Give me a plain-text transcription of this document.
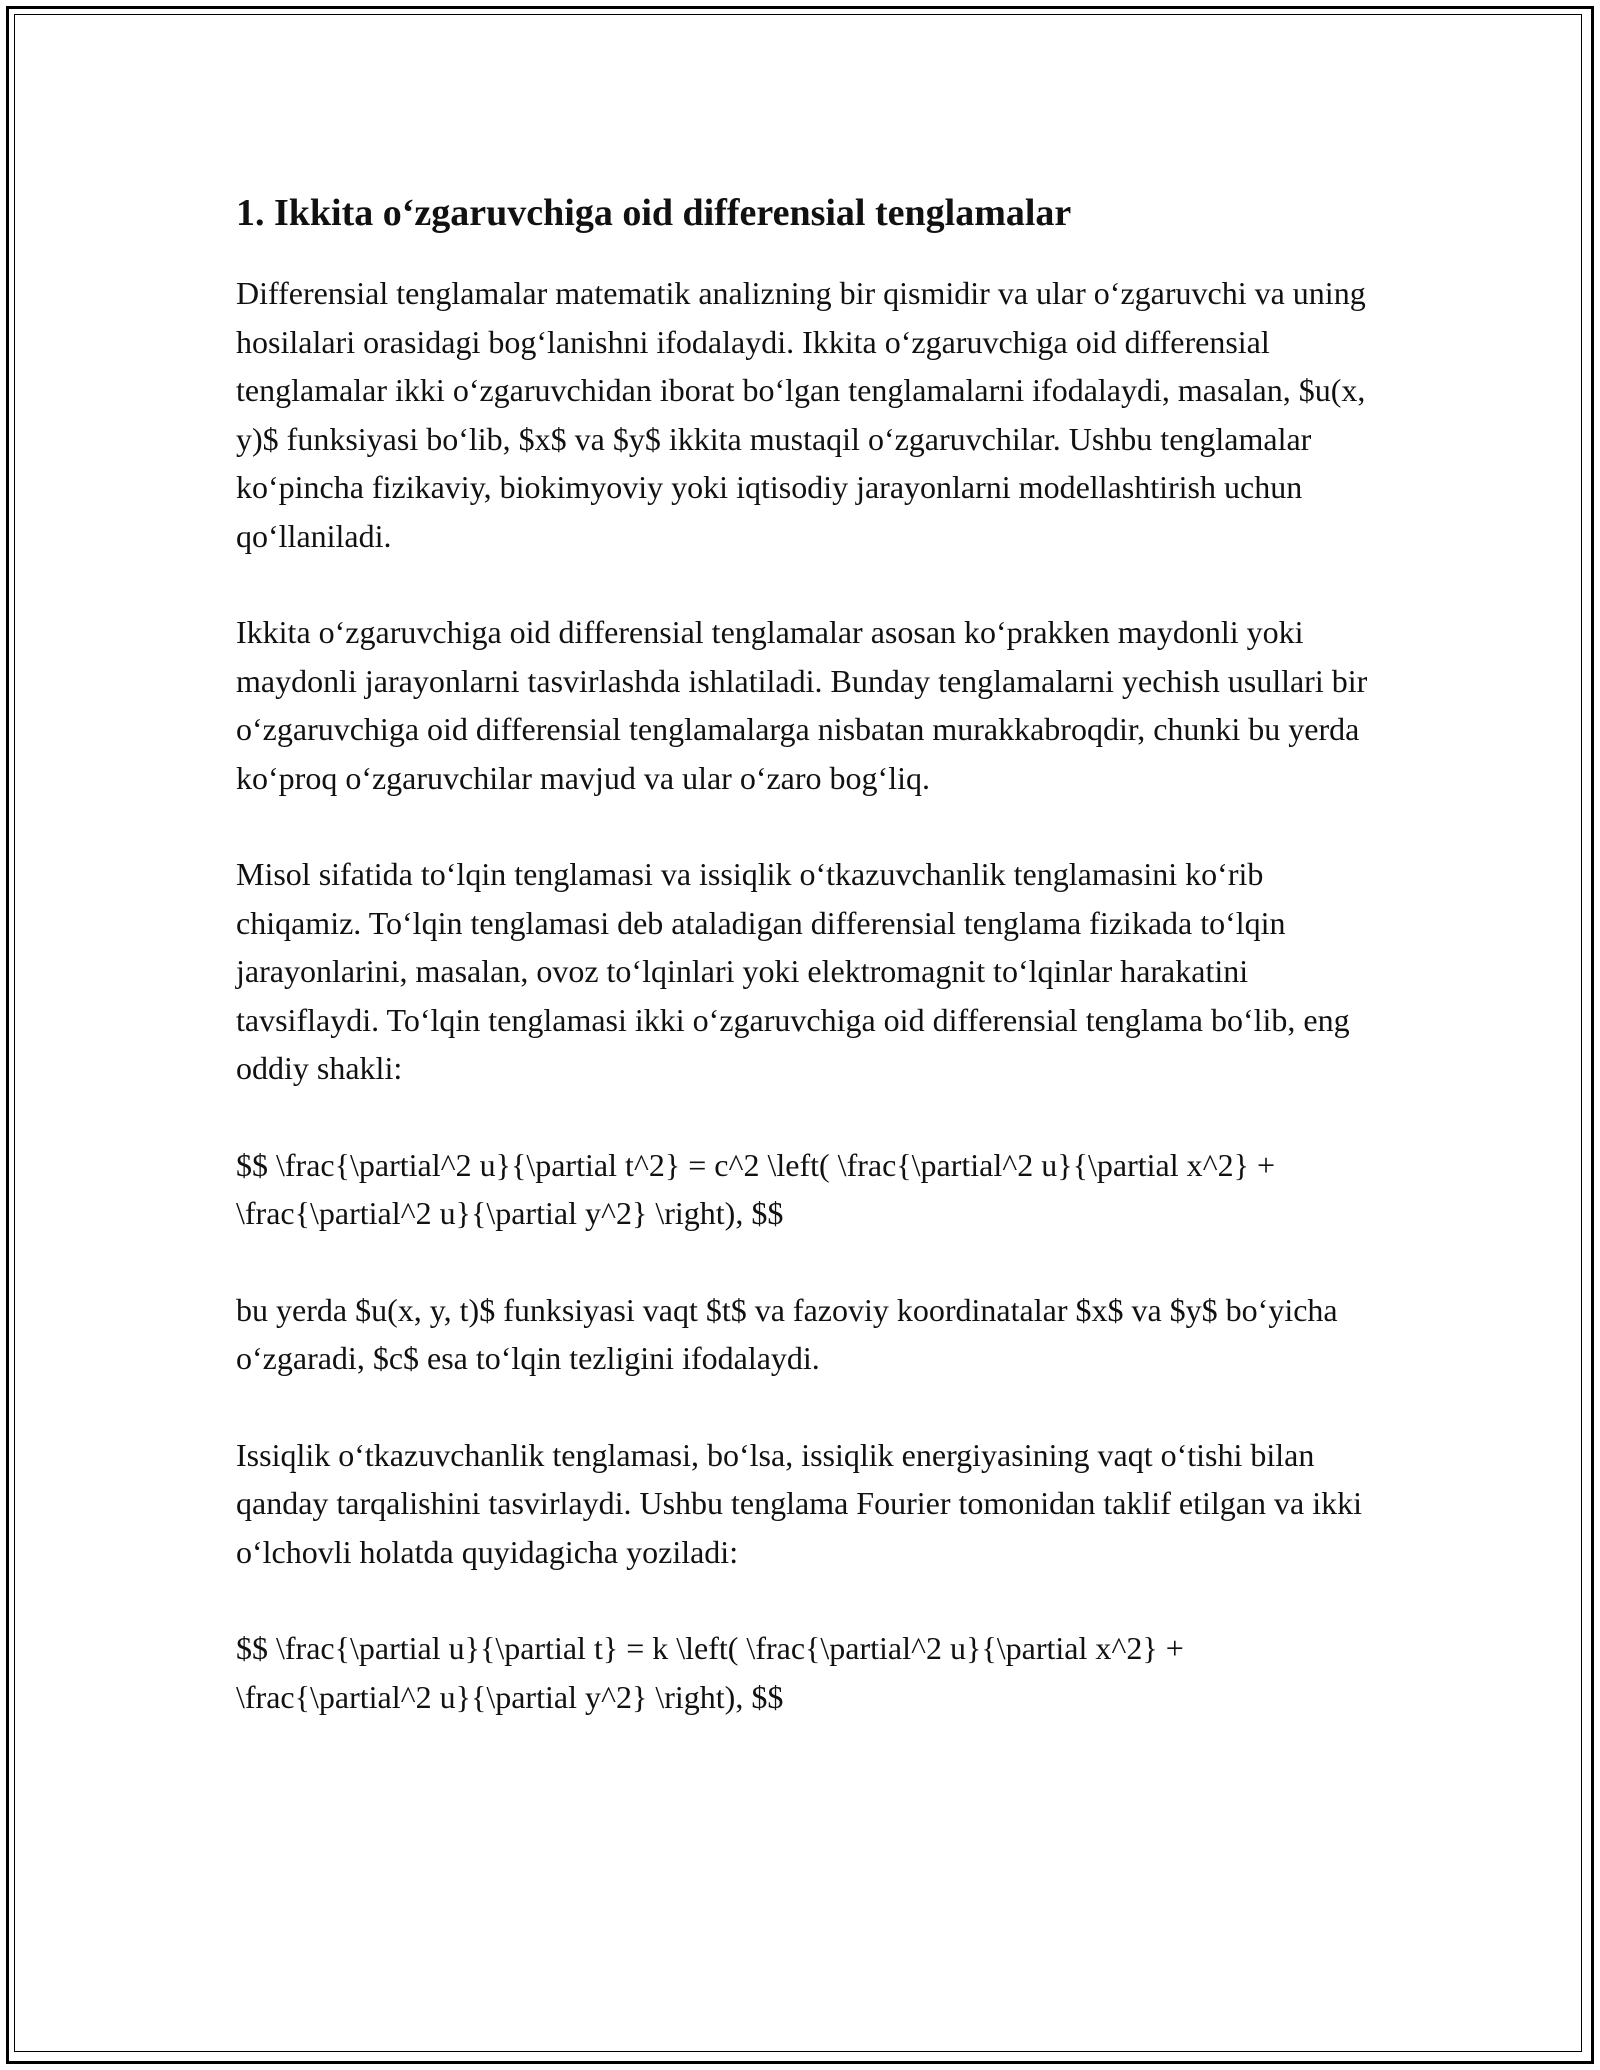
1. Ikkita o‘zgaruvchiga oid differensial tenglamalar

Differensial tenglamalar matematik analizning bir qismidir va ular o‘zgaruvchi va uning hosilalari orasidagi bog‘lanishni ifodalaydi. Ikkita o‘zgaruvchiga oid differensial tenglamalar ikki o‘zgaruvchidan iborat bo‘lgan tenglamalarni ifodalaydi, masalan, $u(x, y)$ funksiyasi bo‘lib, $x$ va $y$ ikkita mustaqil o‘zgaruvchilar. Ushbu tenglamalar ko‘pincha fizikaviy, biokimyoviy yoki iqtisodiy jarayonlarni modellashtirish uchun qo‘llaniladi.

Ikkita o‘zgaruvchiga oid differensial tenglamalar asosan ko‘prakken maydonli yoki maydonli jarayonlarni tasvirlashda ishlatiladi. Bunday tenglamalarni yechish usullari bir o‘zgaruvchiga oid differensial tenglamalarga nisbatan murakkabroqdir, chunki bu yerda ko‘proq o‘zgaruvchilar mavjud va ular o‘zaro bog‘liq.

Misol sifatida to‘lqin tenglamasi va issiqlik o‘tkazuvchanlik tenglamasini ko‘rib chiqamiz. To‘lqin tenglamasi deb ataladigan differensial tenglama fizikada to‘lqin jarayonlarini, masalan, ovoz to‘lqinlari yoki elektromagnit to‘lqinlar harakatini tavsiflaydi. To‘lqin tenglamasi ikki o‘zgaruvchiga oid differensial tenglama bo‘lib, eng oddiy shakli:

$$ \frac{\partial^2 u}{\partial t^2} = c^2 \left( \frac{\partial^2 u}{\partial x^2} + \frac{\partial^2 u}{\partial y^2} \right), $$

bu yerda $u(x, y, t)$ funksiyasi vaqt $t$ va fazoviy koordinatalar $x$ va $y$ bo‘yicha o‘zgaradi, $c$ esa to‘lqin tezligini ifodalaydi.

Issiqlik o‘tkazuvchanlik tenglamasi, bo‘lsa, issiqlik energiyasining vaqt o‘tishi bilan qanday tarqalishini tasvirlaydi. Ushbu tenglama Fourier tomonidan taklif etilgan va ikki o‘lchovli holatda quyidagicha yoziladi:

$$ \frac{\partial u}{\partial t} = k \left( \frac{\partial^2 u}{\partial x^2} + \frac{\partial^2 u}{\partial y^2} \right), $$
